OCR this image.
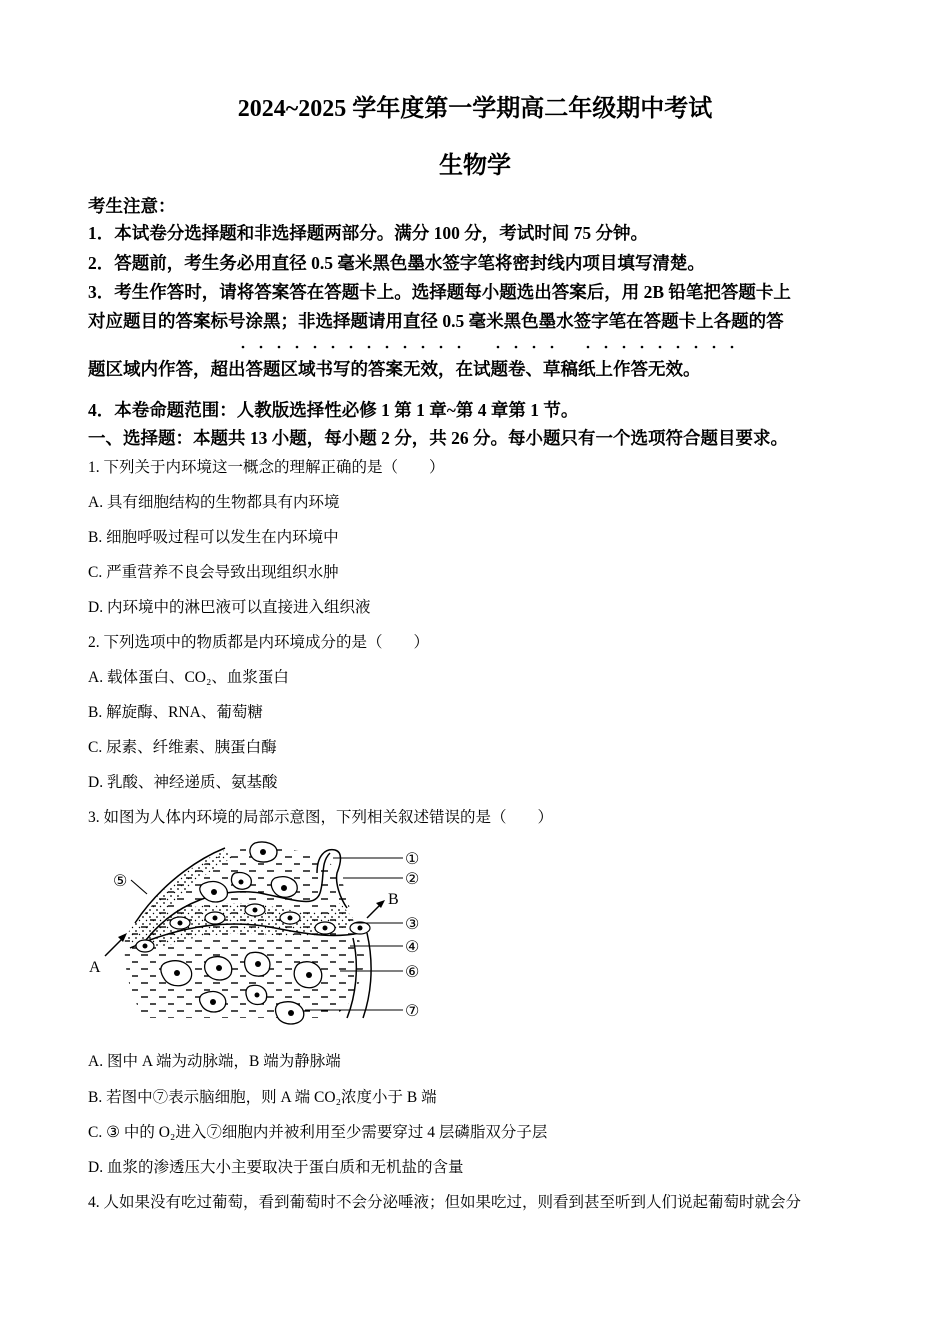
2024~2025 学年度第一学期高二年级期中考试
生物学
考生注意：
1．本试卷分选择题和非选择题两部分。满分 100 分，考试时间 75 分钟。
2．答题前，考生务必用直径 0.5 毫米黑色墨水签字笔将密封线内项目填写清楚。
3．考生作答时，请将答案答在答题卡上。选择题每小题选出答案后，用 2B 铅笔把答题卡上
对应题目的答案标号涂黑；非选择题请用直径 0.5 毫米黑色墨水签字笔在答题卡上各题的答
题区域内作答，超出答题区域书写的答案无效，在试题卷、草稿纸上作答无效。
4．本卷命题范围：人教版选择性必修 1 第 1 章~第 4 章第 1 节。
一、选择题：本题共 13 小题，每小题 2 分，共 26 分。每小题只有一个选项符合题目要求。
1. 下列关于内环境这一概念的理解正确的是（　　）
A. 具有细胞结构的生物都具有内环境
B. 细胞呼吸过程可以发生在内环境中
C. 严重营养不良会导致出现组织水肿
D. 内环境中的淋巴液可以直接进入组织液
2. 下列选项中的物质都是内环境成分的是（　　）
A. 载体蛋白、CO₂、血浆蛋白
B. 解旋酶、RNA、葡萄糖
C. 尿素、纤维素、胰蛋白酶
D. 乳酸、神经递质、氨基酸
3. 如图为人体内环境的局部示意图，下列相关叙述错误的是（　　）
①
②
③
④
⑤
⑥
⑦
A
B
A. 图中 A 端为动脉端，B 端为静脉端
B. 若图中⑦表示脑细胞，则 A 端 CO₂浓度小于 B 端
C. ③ 中的 O₂进入⑦细胞内并被利用至少需要穿过 4 层磷脂双分子层
D. 血浆的渗透压大小主要取决于蛋白质和无机盐的含量
4. 人如果没有吃过葡萄，看到葡萄时不会分泌唾液；但如果吃过，则看到甚至听到人们说起葡萄时就会分
